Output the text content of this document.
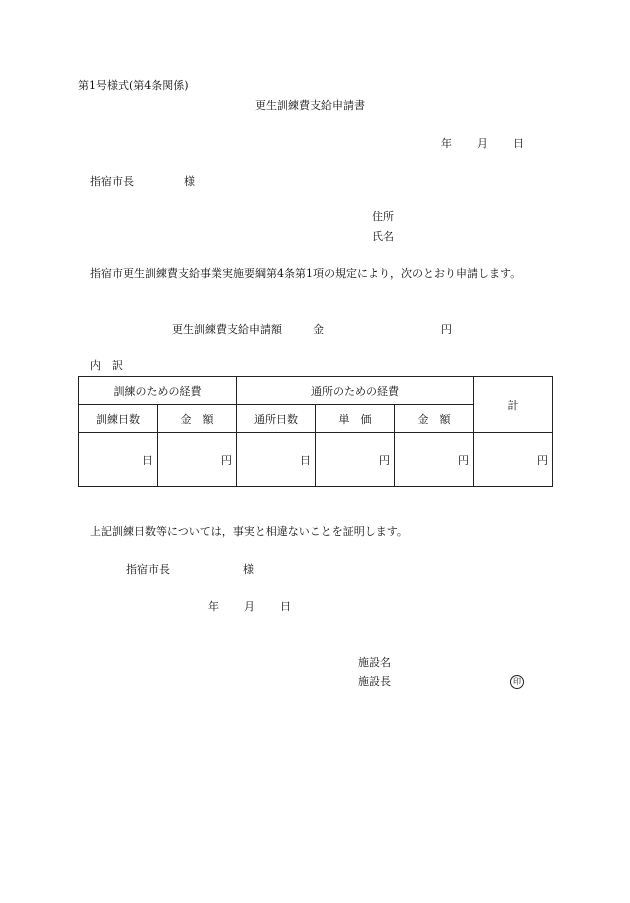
第1号様式(第4条関係)
更生訓練費支給申請書
年 月 日
指宿市長	様
住所
氏名
指宿市更生訓練費支給事業実施要綱第4条第1項の規定により，次のとおり申請します。
更生訓練費支給申請額	金	円
内　訳
訓練のための経費		通所のための経費			計
訓練日数	金　額	通所日数	単　価	金　額	
日	円	日	円	円	円
上記訓練日数等については，事実と相違ないことを証明します。
指宿市長	様
年 月 日
施設名
施設長	印
